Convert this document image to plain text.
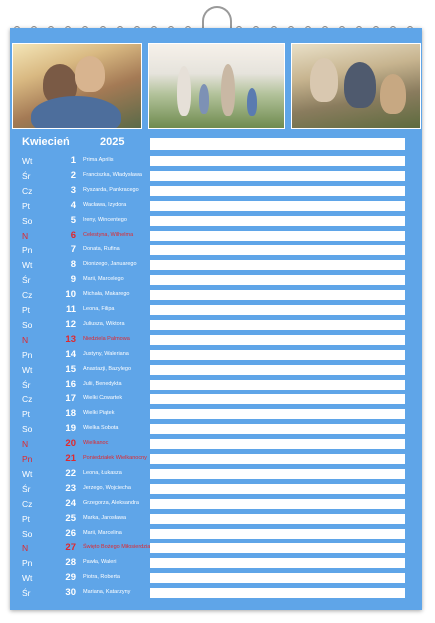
Kwiecień	2025
Wt	1 Prima Aprilis
Śr	2 Franciszka, Władysława
Cz	3 Ryszarda, Pankracego
Pt	4 Wacława, Izydora
So	5 Ireny, Wincentego
N	6 Celestyna, Wilhelma
Pn	7 Donata, Rufina
Wt	8 Dionizego, Januarego
Śr	9 Marii, Marcelego
Cz	10 Michała, Makarego
Pt	11 Leona, Filipa
So	12 Juliusza, Wiktora
N	13 Niedziela Palmowa
Pn	14 Justyny, Waleriana
Wt	15 Anastazji, Bazylego
Śr	16 Julii, Benedykta
Cz	17 Wielki Czwartek
Pt	18 Wielki Piątek
So	19 Wielka Sobota
N	20 Wielkanoc
Pn	21 Poniedziałek Wielkanocny
Wt	22 Leona, Łukasza
Śr	23 Jerzego, Wojciecha
Cz	24 Grzegorza, Aleksandra
Pt	25 Marka, Jarosława
So	26 Marii, Marcelina
N	27 Święto Bożego Miłosierdzia
Pn	28 Pawła, Waleri
Wt	29 Piotra, Roberta
Śr	30 Mariana, Katarzyny
